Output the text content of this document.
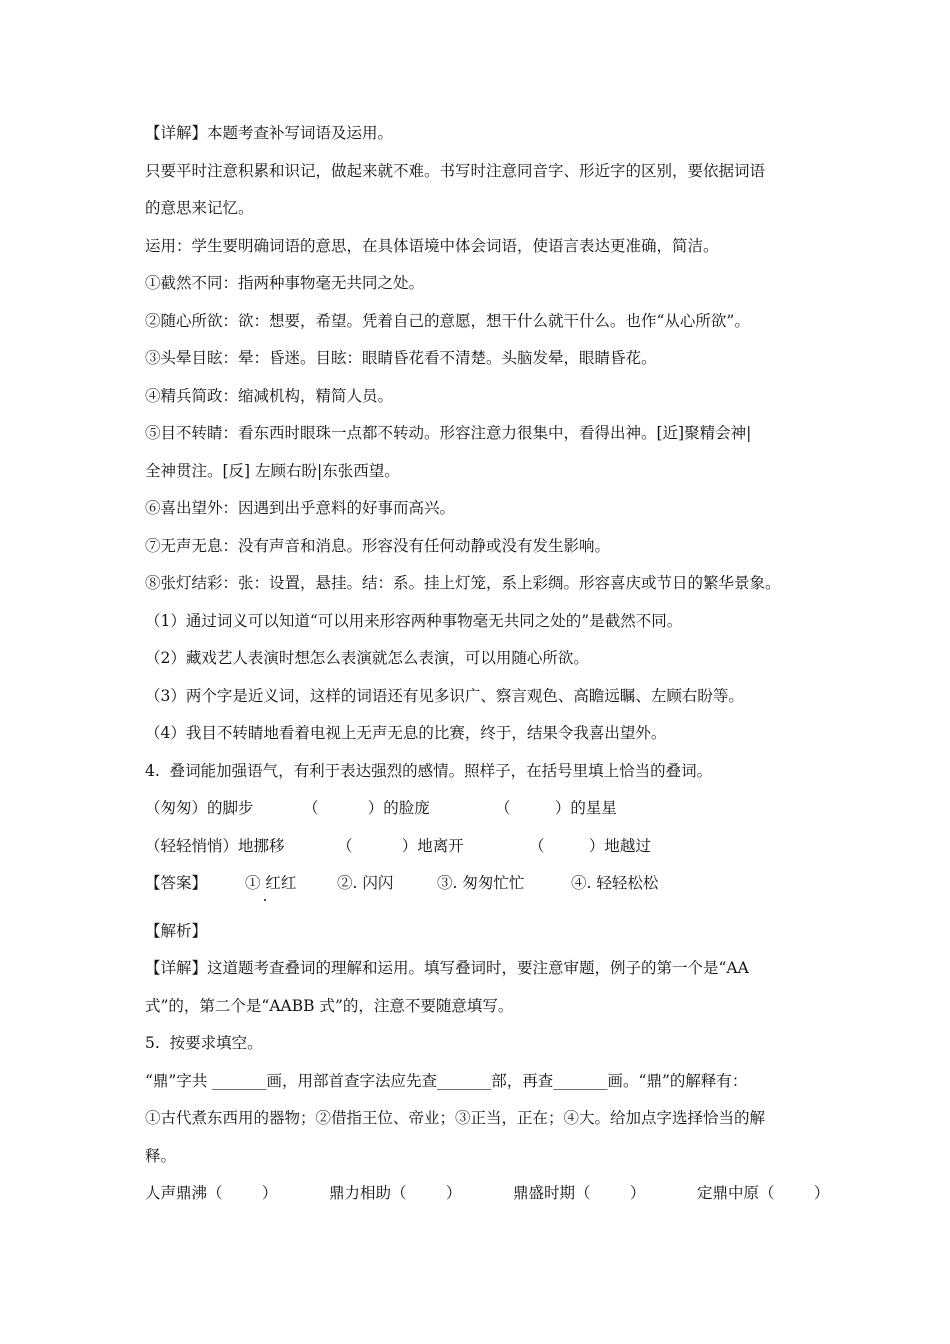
【详解】本题考查补写词语及运用。
只要平时注意积累和识记，做起来就不难。书写时注意同音字、形近字的区别，要依据词语
的意思来记忆。
运用：学生要明确词语的意思，在具体语境中体会词语，使语言表达更准确，简洁。
①截然不同：指两种事物毫无共同之处。
②随心所欲：欲：想要，希望。凭着自己的意愿，想干什么就干什么。也作“从心所欲”。
③头晕目眩：晕：昏迷。目眩：眼睛昏花看不清楚。头脑发晕，眼睛昏花。
④精兵简政：缩减机构，精简人员。
⑤目不转睛：看东西时眼珠一点都不转动。形容注意力很集中，看得出神。[近]聚精会神|
全神贯注。[反] 左顾右盼|东张西望。
⑥喜出望外：因遇到出乎意料的好事而高兴。
⑦无声无息：没有声音和消息。形容没有任何动静或没有发生影响。
⑧张灯结彩：张：设置，悬挂。结：系。挂上灯笼，系上彩绸。形容喜庆或节日的繁华景象。
（1）通过词义可以知道“可以用来形容两种事物毫无共同之处的”是截然不同。
（2）藏戏艺人表演时想怎么表演就怎么表演，可以用随心所欲。
（3）两个字是近义词，这样的词语还有见多识广、察言观色、高瞻远瞩、左顾右盼等。
（4）我目不转睛地看着电视上无声无息的比赛，终于，结果令我喜出望外。
4.  叠词能加强语气，有利于表达强烈的感情。照样子，在括号里填上恰当的叠词。
（匆匆）的脚步	（          ）的脸庞	（         ）的星星
（轻轻悄悄）地挪移	（          ）地离开	（         ）地越过
【答案】 ① 红红	②. 闪闪	③. 匆匆忙忙	④. 轻轻松松
【解析】
【详解】这道题考查叠词的理解和运用。填写叠词时，要注意审题，例子的第一个是“AA
式”的，第二个是“AABB 式”的，注意不要随意填写。
5.  按要求填空。
“鼎”字共 _______画，用部首查字法应先查_______部，再查_______画。“鼎”的解释有：
①古代煮东西用的器物；②借指王位、帝业；③正当，正在；④大。给加点字选择恰当的解
释。
人声鼎沸（        ）	鼎力相助（        ）	鼎盛时期（        ）	定鼎中原（        ）
